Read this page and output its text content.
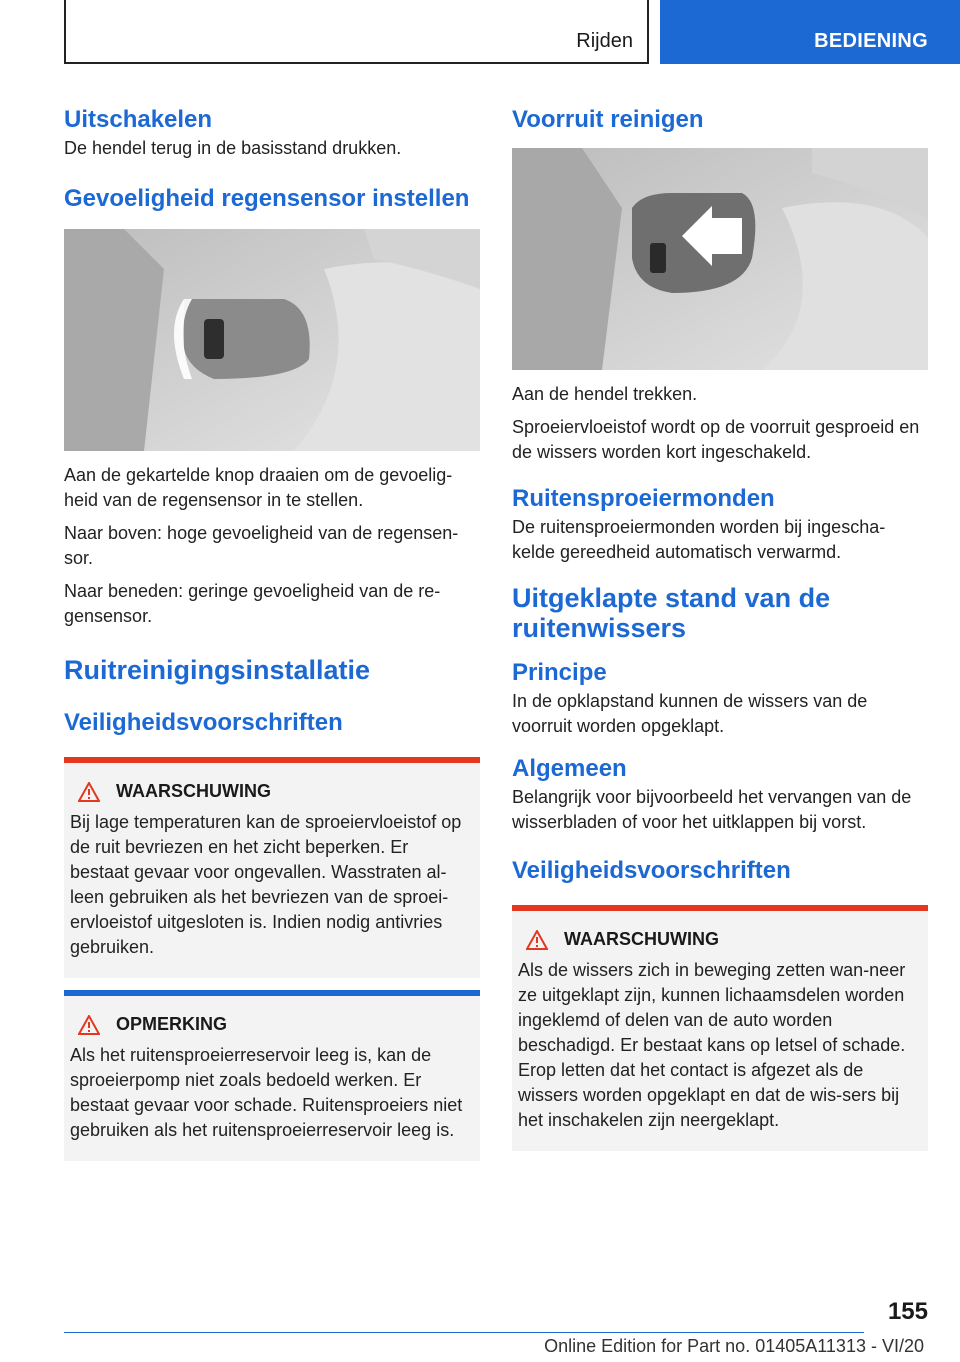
Rijden	BEDIENING
Uitschakelen

De hendel terug in de basisstand drukken.

Gevoeligheid regensensor instellen

Aan de gekartelde knop draaien om de gevoelig-heid van de regensensor in te stellen.

Naar boven: hoge gevoeligheid van de regensen-sor.

Naar beneden: geringe gevoeligheid van de re-gensensor.

Ruitreinigingsinstallatie
Veiligheidsvoorschriften
WAARSCHUWING

Bij lage temperaturen kan de sproeiervloeistof op de ruit bevriezen en het zicht beperken. Er bestaat gevaar voor ongevallen. Wasstraten al-leen gebruiken als het bevriezen van de sproei-ervloeistof uitgesloten is. Indien nodig antivries gebruiken.

OPMERKING

Als het ruitensproeierreservoir leeg is, kan de sproeierpomp niet zoals bedoeld werken. Er bestaat gevaar voor schade. Ruitensproeiers niet gebruiken als het ruitensproeierreservoir leeg is.

Voorruit reinigen

Aan de hendel trekken.

Sproeiervloeistof wordt op de voorruit gesproeid en de wissers worden kort ingeschakeld.

Ruitensproeiermonden

De ruitensproeiermonden worden bij ingescha-kelde gereedheid automatisch verwarmd.

Uitgeklapte stand van de ruitenwissers
Principe

In de opklapstand kunnen de wissers van de voorruit worden opgeklapt.

Algemeen

Belangrijk voor bijvoorbeeld het vervangen van de wisserbladen of voor het uitklappen bij vorst.

Veiligheidsvoorschriften
WAARSCHUWING

Als de wissers zich in beweging zetten wan-neer ze uitgeklapt zijn, kunnen lichaamsdelen worden ingeklemd of delen van de auto worden beschadigd. Er bestaat kans op letsel of schade. Erop letten dat het contact is afgezet als de wissers worden opgeklapt en dat de wis-sers bij het inschakelen zijn neergeklapt.

155
Online Edition for Part no. 01405A11313 - VI/20
